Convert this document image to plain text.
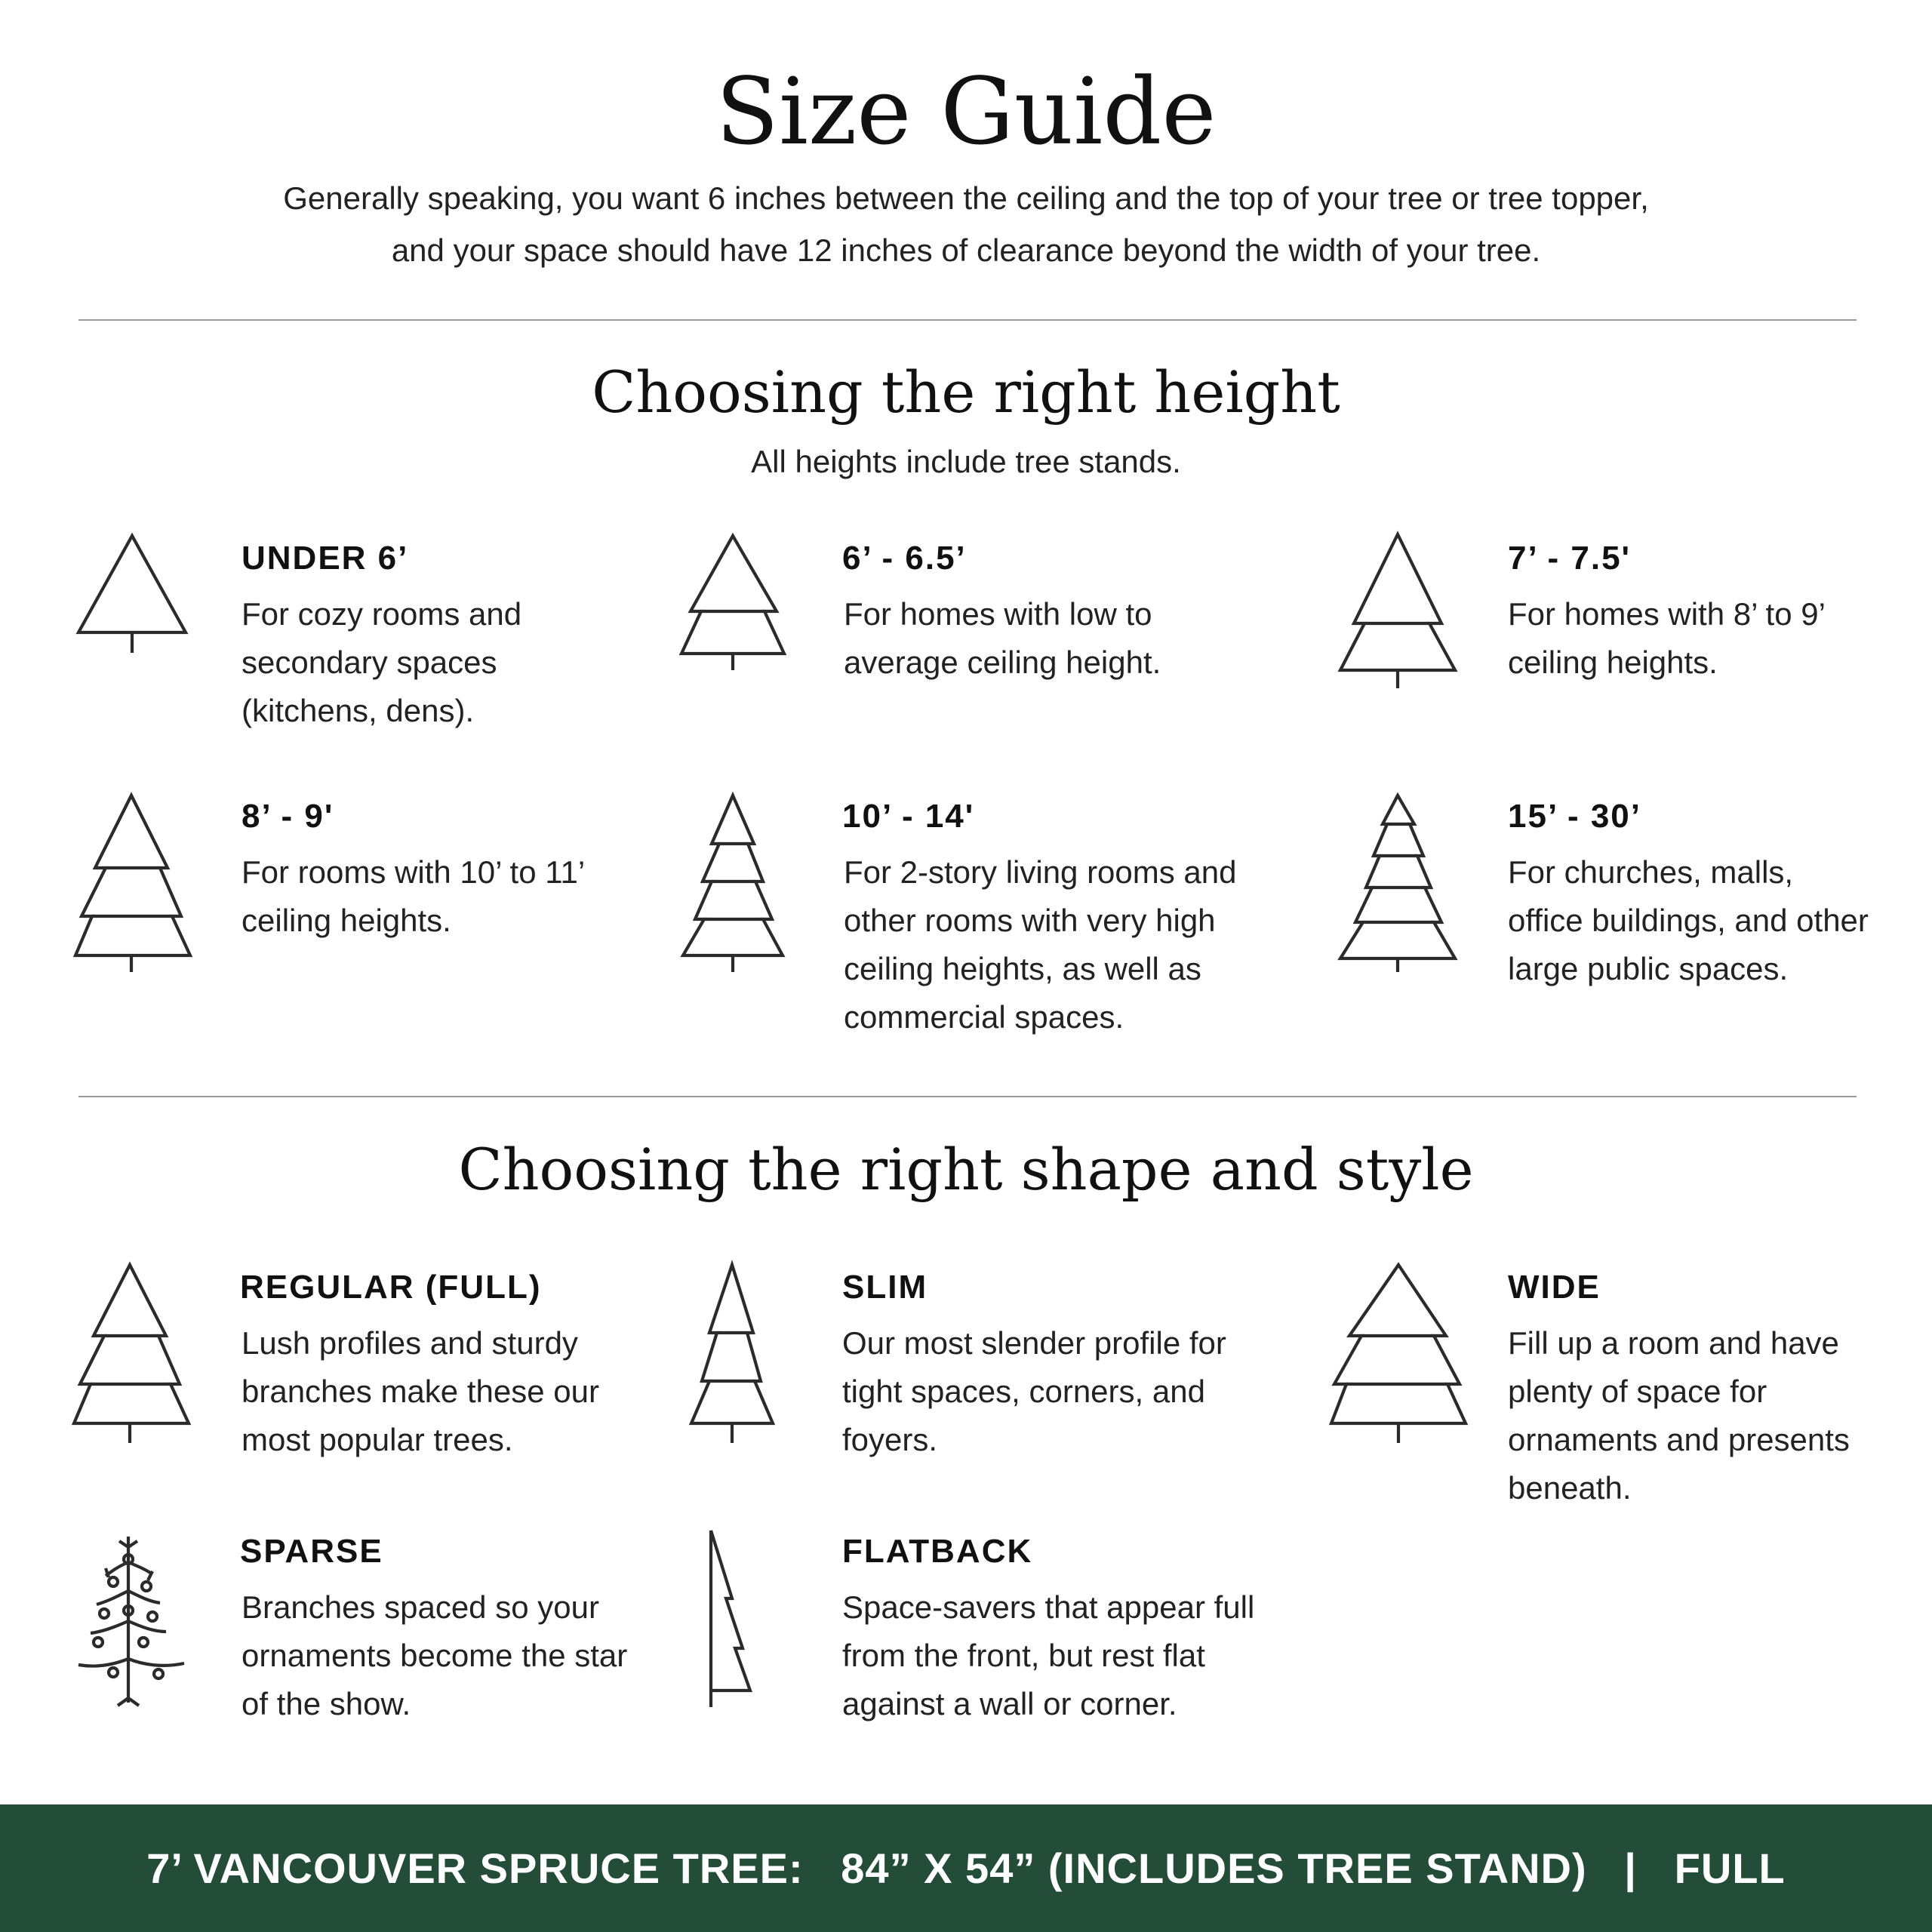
Size Guide

Generally speaking, you want 6 inches between the ceiling and the top of your tree or tree topper, and your space should have 12 inches of clearance beyond the width of your tree.

Choosing the right height

All heights include tree stands.

UNDER 6’

For cozy rooms and secondary spaces (kitchens, dens).

6’ - 6.5’

For homes with low to average ceiling height.

7’ - 7.5'

For homes with 8’ to 9’ ceiling heights.

8’ - 9'

For rooms with 10’ to 11’ ceiling heights.

10’ - 14'

For 2-story living rooms and other rooms with very high ceiling heights, as well as commercial spaces.

15’ - 30’

For churches, malls, office buildings, and other large public spaces.

Choosing the right shape and style

REGULAR (FULL)

Lush profiles and sturdy branches make these our most popular trees.

SLIM

Our most slender profile for tight spaces, corners, and foyers.

WIDE

Fill up a room and have plenty of space for ornaments and presents beneath.

SPARSE

Branches spaced so your ornaments become the star of the show.

FLATBACK

Space-savers that appear full from the front, but rest flat against a wall or corner.

7’ VANCOUVER SPRUCE TREE:   84” X 54” (INCLUDES TREE STAND)   |   FULL
